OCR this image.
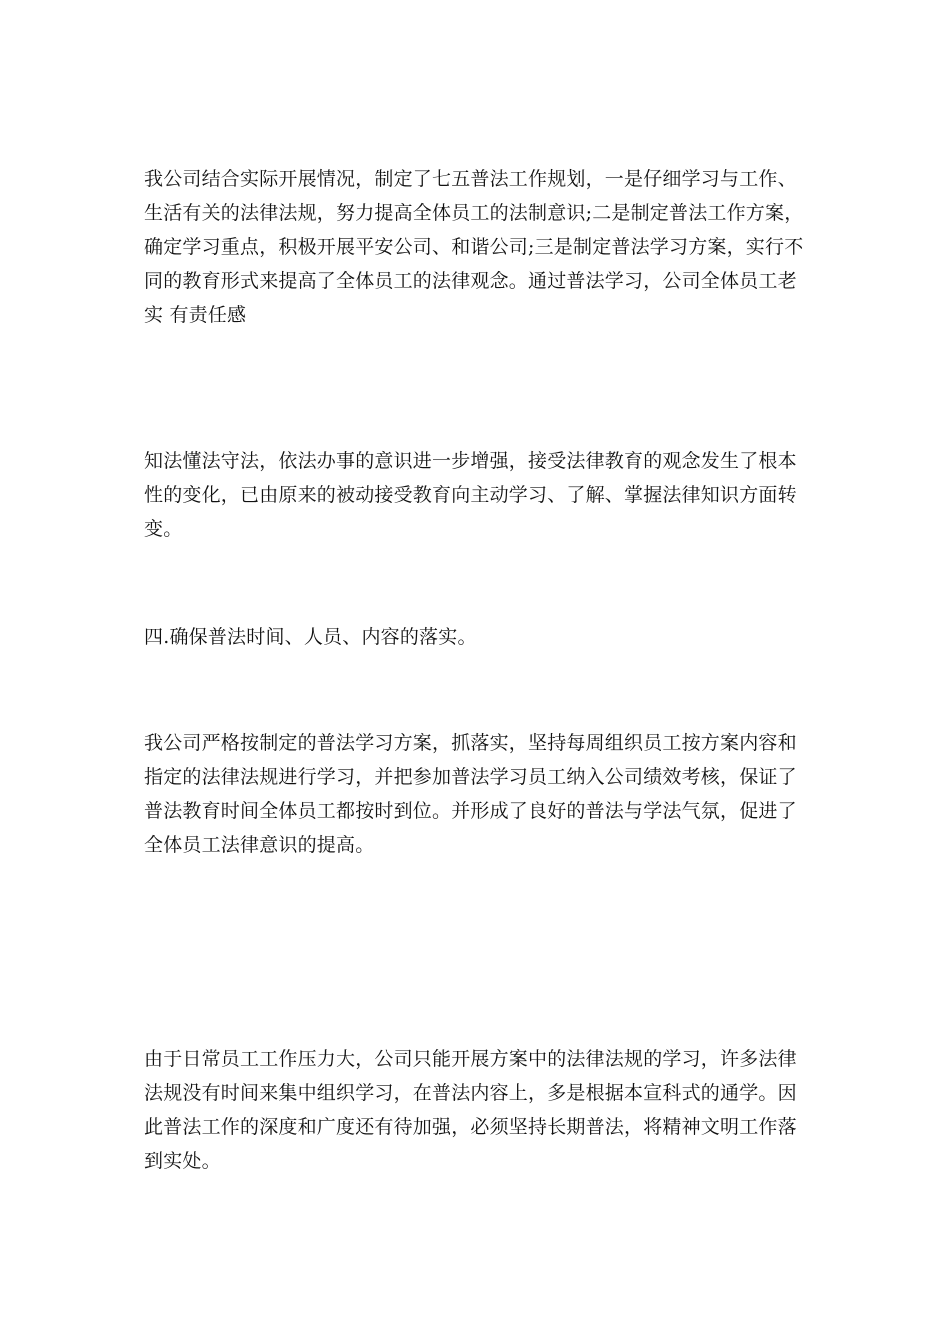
我公司结合实际开展情况，制定了七五普法工作规划，一是仔细学习与工作、
生活有关的法律法规，努力提高全体员工的法制意识;二是制定普法工作方案，
确定学习重点，积极开展平安公司、和谐公司;三是制定普法学习方案，实行不
同的教育形式来提高了全体员工的法律观念。通过普法学习，公司全体员工老
实 有责任感

知法懂法守法，依法办事的意识进一步增强，接受法律教育的观念发生了根本
性的变化，已由原来的被动接受教育向主动学习、了解、掌握法律知识方面转
变。

四.确保普法时间、人员、内容的落实。

我公司严格按制定的普法学习方案，抓落实，坚持每周组织员工按方案内容和
指定的法律法规进行学习，并把参加普法学习员工纳入公司绩效考核，保证了
普法教育时间全体员工都按时到位。并形成了良好的普法与学法气氛，促进了
全体员工法律意识的提高。

由于日常员工工作压力大，公司只能开展方案中的法律法规的学习，许多法律
法规没有时间来集中组织学习，在普法内容上，多是根据本宣科式的通学。因
此普法工作的深度和广度还有待加强，必须坚持长期普法，将精神文明工作落
到实处。
